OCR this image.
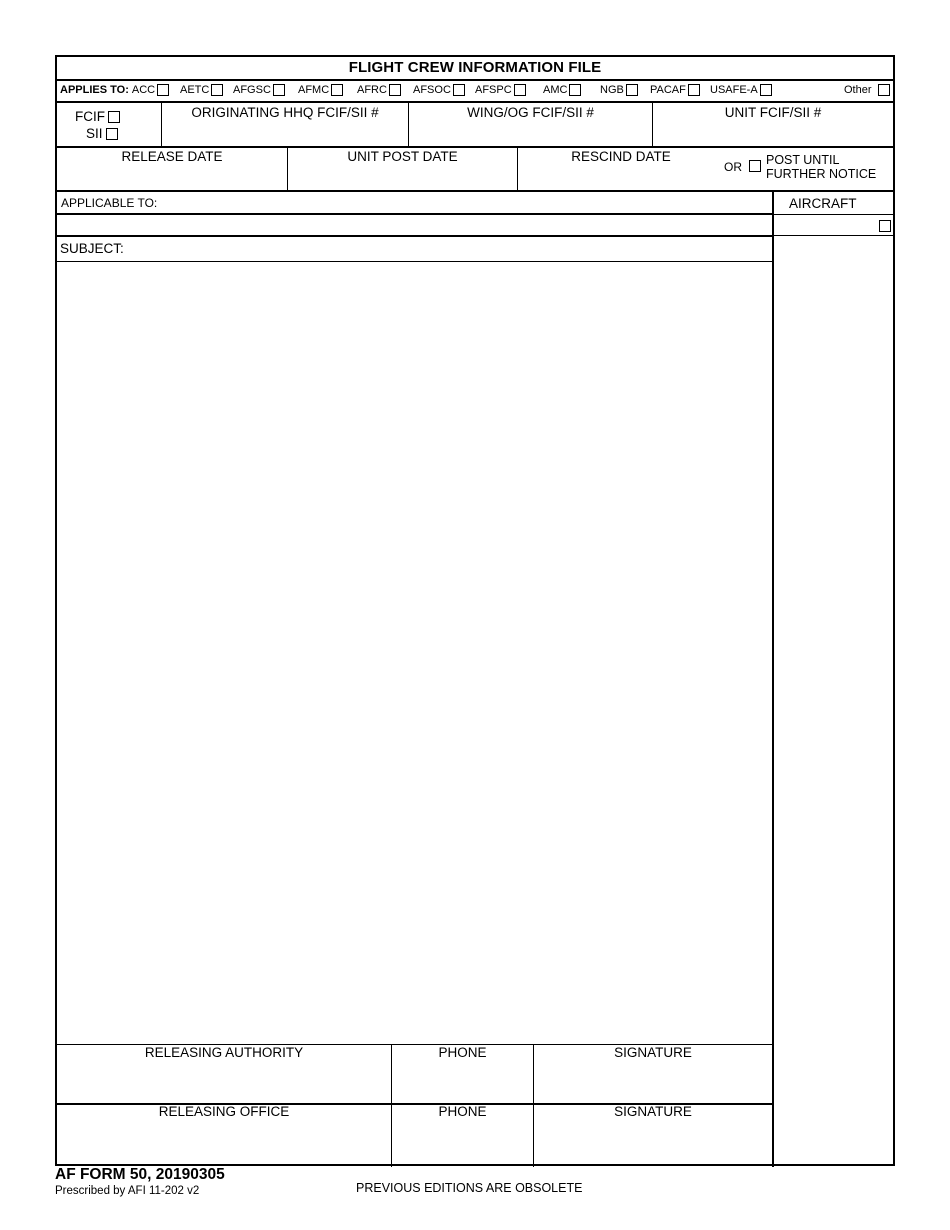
FLIGHT CREW INFORMATION FILE
APPLIES TO: ACC AETC AFGSC AFMC	AFRC AFSOC AFSPC	AMC	NGB PACAF USAFE-A	Other
FCIF
SII
ORIGINATING HHQ FCIF/SII #	WING/OG FCIF/SII #	UNIT FCIF/SII #
RELEASE DATE	UNIT POST DATE	RESCIND DATE
OR POST UNTIL
FURTHER NOTICE
APPLICABLE TO:	AIRCRAFT
SUBJECT:
RELEASING AUTHORITY	PHONE	SIGNATURE
RELEASING OFFICE	PHONE	SIGNATURE
AF FORM 50, 20190305
Prescribed by AFI 11-202 v2	PREVIOUS EDITIONS ARE OBSOLETE
